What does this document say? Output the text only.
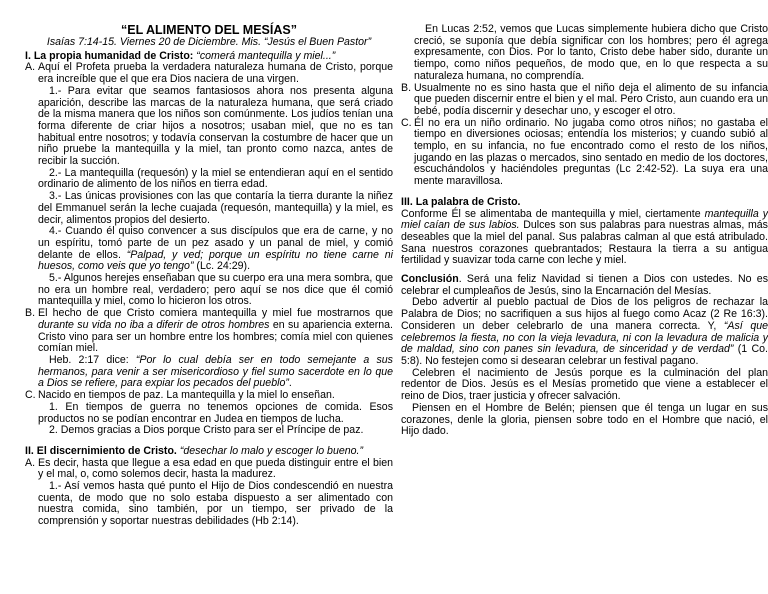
“EL ALIMENTO DEL MESÍAS”

Isaías 7:14-15. Viernes 20 de Diciembre. Mis. “Jesús el Buen Pastor”

I. La propia humanidad de Cristo: “comerá mantequilla y miel...”

A. Aquí el Profeta prueba la verdadera naturaleza humana de Cristo, porque era increíble que el que era Dios naciera de una virgen.

1.- Para evitar que seamos fantasiosos ahora nos presenta alguna aparición, describe las marcas de la naturaleza humana, que será criado de la misma manera que los niños son comúnmente. Los judíos tenían una forma diferente de criar hijos a nosotros; usaban miel, que no es tan habitual entre nosotros; y todavía conservan la costumbre de hacer que un niño pruebe la mantequilla y la miel, tan pronto como nazca, antes de recibir la succión.

2.- La mantequilla (requesón) y la miel se entendieran aquí en el sentido ordinario de alimento de los niños en tierra edad.

3.- Las únicas provisiones con las que contaría la tierra durante la niñez del Emmanuel serán la leche cuajada (requesón, mantequilla) y la miel, es decir, alimentos propios del desierto.

4.- Cuando él quiso convencer a sus discípulos que era de carne, y no un espíritu, tomó parte de un pez asado y un panal de miel, y comió delante de ellos. “Palpad, y ved; porque un espíritu no tiene carne ni huesos, como veis que yo tengo” (Lc. 24:29).

5.- Algunos herejes enseñaban que su cuerpo era una mera sombra, que no era un hombre real, verdadero; pero aquí se nos dice que él comió mantequilla y miel, como lo hicieron los otros.

B. El hecho de que Cristo comiera mantequilla y miel fue mostrarnos que durante su vida no iba a diferir de otros hombres en su apariencia externa. Cristo vino para ser un hombre entre los hombres; comía miel con quienes comían miel.

Heb. 2:17 dice: “Por lo cual debía ser en todo semejante a sus hermanos, para venir a ser misericordioso y fiel sumo sacerdote en lo que a Dios se refiere, para expiar los pecados del pueblo”.

C. Nacido en tiempos de paz. La mantequilla y la miel lo enseñan.

1. En tiempos de guerra no tenemos opciones de comida. Esos productos no se podían encontrar en Judea en tiempos de lucha.

2. Demos gracias a Dios porque Cristo para ser el Príncipe de paz.

II. El discernimiento de Cristo. “desechar lo malo y escoger lo bueno.”

A. Es decir, hasta que llegue a esa edad en que pueda distinguir entre el bien y el mal, o, como solemos decir, hasta la madurez.

1.- Así vemos hasta qué punto el Hijo de Dios condescendió en nuestra cuenta, de modo que no solo estaba dispuesto a ser alimentado con nuestra comida, sino también, por un tiempo, ser privado de la comprensión y soportar nuestras debilidades (Hb 2:14).

En Lucas 2:52, vemos que Lucas simplemente hubiera dicho que Cristo creció, se suponía que debía significar con los hombres; pero él agrega expresamente, con Dios. Por lo tanto, Cristo debe haber sido, durante un tiempo, como niños pequeños, de modo que, en lo que respecta a su naturaleza humana, no comprendía.

B. Usualmente no es sino hasta que el niño deja el alimento de su infancia que pueden discernir entre el bien y el mal. Pero Cristo, aun cuando era un bebé, podía discernir y desechar uno, y escoger el otro.

C. Él no era un niño ordinario. No jugaba como otros niños; no gastaba el tiempo en diversiones ociosas; entendía los misterios; y cuando subió al templo, en su infancia, no fue encontrado como el resto de los niños, jugando en las plazas o mercados, sino sentado en medio de los doctores, escuchándolos y haciéndoles preguntas (Lc 2:42-52). La suya era una mente maravillosa.

III. La palabra de Cristo.

Conforme Él se alimentaba de mantequilla y miel, ciertamente mantequilla y miel caían de sus labios. Dulces son sus palabras para nuestras almas, más deseables que la miel del panal. Sus palabras calman al que está atribulado. Sana nuestros corazones quebrantados; Restaura la tierra a su antigua fertilidad y suavizar toda carne con leche y miel.

Conclusión. Será una feliz Navidad si tienen a Dios con ustedes. No es celebrar el cumpleaños de Jesús, sino la Encarnación del Mesías.

Debo advertir al pueblo pactual de Dios de los peligros de rechazar la Palabra de Dios; no sacrifiquen a sus hijos al fuego como Acaz (2 Re 16:3). Consideren un deber celebrarlo de una manera correcta. Y, “Así que celebremos la fiesta, no con la vieja levadura, ni con la levadura de malicia y de maldad, sino con panes sin levadura, de sinceridad y de verdad” (1 Co. 5:8). No festejen como si desearan celebrar un festival pagano.

Celebren el nacimiento de Jesús porque es la culminación del plan redentor de Dios. Jesús es el Mesías prometido que viene a establecer el reino de Dios, traer justicia y ofrecer salvación.

Piensen en el Hombre de Belén; piensen que él tenga un lugar en sus corazones, denle la gloria, piensen sobre todo en el Hombre que nació, el Hijo dado.
